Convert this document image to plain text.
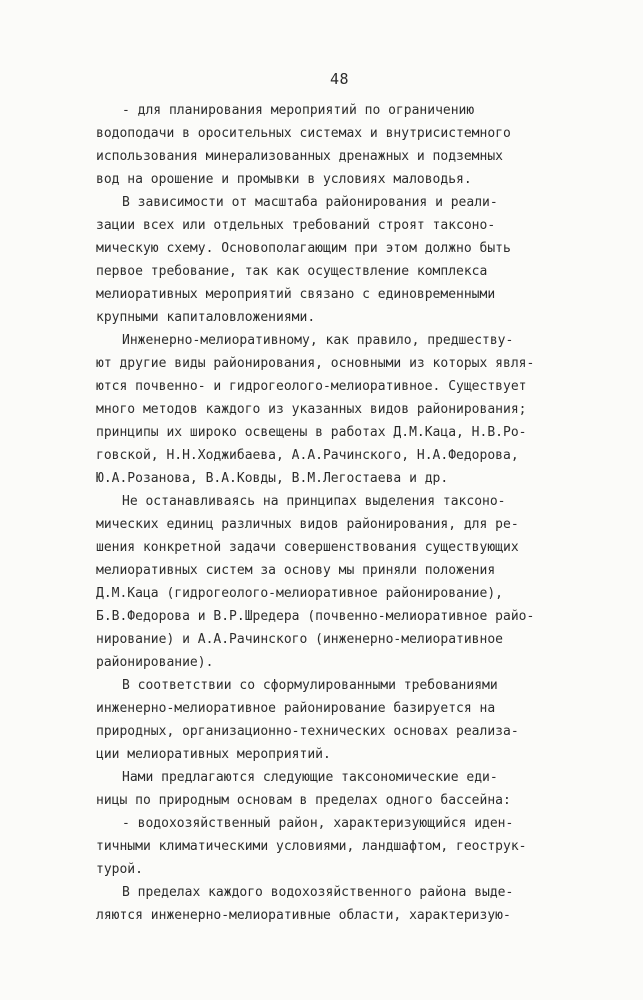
48
- для планирования мероприятий по ограничению
водоподачи в оросительных системах и внутрисистемного
использования минерализованных дренажных и подземных
вод на орошение и промывки в условиях маловодья.
В зависимости от масштаба районирования и реали-
зации всех или отдельных требований строят таксоно-
мическую схему. Основополагающим при этом должно быть
первое требование, так как осуществление комплекса
мелиоративных мероприятий связано с единовременными
крупными капиталовложениями.
Инженерно-мелиоративному, как правило, предшеству-
ют другие виды районирования, основными из которых явля-
ются почвенно- и гидрогеолого-мелиоративное. Существует
много методов каждого из указанных видов районирования;
принципы их широко освещены в работах Д.М.Каца, Н.В.Ро-
говской, Н.Н.Ходжибаева, А.А.Рачинского, Н.А.Федорова,
Ю.А.Розанова, В.А.Ковды, В.М.Легостаева и др.
Не останавливаясь на принципах выделения таксоно-
мических единиц различных видов районирования, для ре-
шения конкретной задачи совершенствования существующих
мелиоративных систем за основу мы приняли положения
Д.М.Каца (гидрогеолого-мелиоративное районирование),
Б.В.Федорова и В.Р.Шредера (почвенно-мелиоративное райо-
нирование) и А.А.Рачинского (инженерно-мелиоративное
районирование).
В соответствии со сформулированными требованиями
инженерно-мелиоративное районирование базируется на
природных, организационно-технических основах реализа-
ции мелиоративных мероприятий.
Нами предлагаются следующие таксономические еди-
ницы по природным основам в пределах одного бассейна:
- водохозяйственный район, характеризующийся иден-
тичными климатическими условиями, ландшафтом, геострук-
турой.
В пределах каждого водохозяйственного района выде-
ляются инженерно-мелиоративные области, характеризую-
